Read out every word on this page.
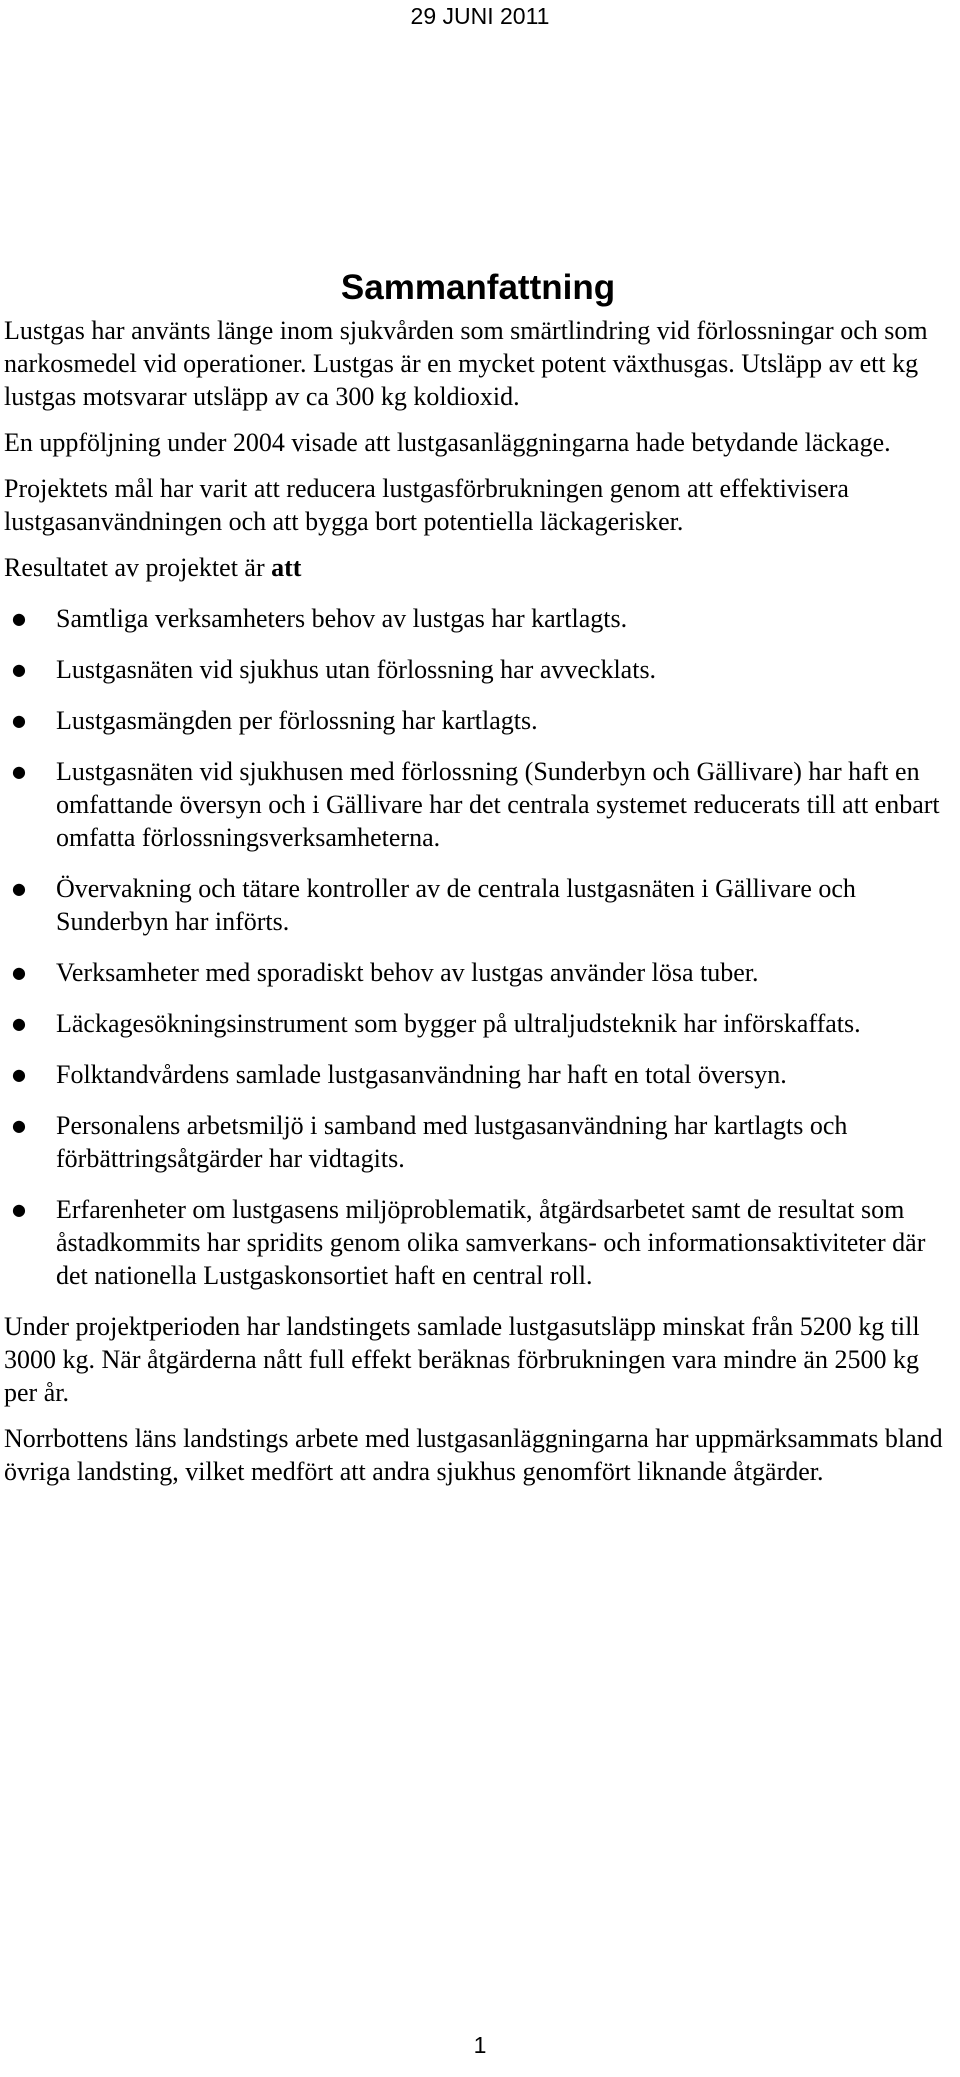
29 JUNI 2011
Sammanfattning

Lustgas har använts länge inom sjukvården som smärtlindring vid förlossningar och som narkosmedel vid operationer. Lustgas är en mycket potent växthusgas. Utsläpp av ett kg lustgas motsvarar utsläpp av ca 300 kg koldioxid.

En uppföljning under 2004 visade att lustgasanläggningarna hade betydande läckage.

Projektets mål har varit att reducera lustgasförbrukningen genom att effektivisera lustgasanvändningen och att bygga bort potentiella läckagerisker.

Resultatet av projektet är att

● Samtliga verksamheters behov av lustgas har kartlagts.
● Lustgasnäten vid sjukhus utan förlossning har avvecklats.
● Lustgasmängden per förlossning har kartlagts.
● Lustgasnäten vid sjukhusen med förlossning (Sunderbyn och Gällivare) har haft en omfattande översyn och i Gällivare har det centrala systemet reducerats till att enbart omfatta förlossningsverksamheterna.
● Övervakning och tätare kontroller av de centrala lustgasnäten i Gällivare och Sunderbyn har införts.
● Verksamheter med sporadiskt behov av lustgas använder lösa tuber.
● Läckagesökningsinstrument som bygger på ultraljudsteknik har införskaffats.
● Folktandvårdens samlade lustgasanvändning har haft en total översyn.
● Personalens arbetsmiljö i samband med lustgasanvändning har kartlagts och förbättringsåtgärder har vidtagits.
● Erfarenheter om lustgasens miljöproblematik, åtgärdsarbetet samt de resultat som åstadkommits har spridits genom olika samverkans- och informationsaktiviteter där det nationella Lustgaskonsortiet haft en central roll.

Under projektperioden har landstingets samlade lustgasutsläpp minskat från 5200 kg till 3000 kg. När åtgärderna nått full effekt beräknas förbrukningen vara mindre än 2500 kg per år.

Norrbottens läns landstings arbete med lustgasanläggningarna har uppmärksammats bland övriga landsting, vilket medfört att andra sjukhus genomfört liknande åtgärder.

1
